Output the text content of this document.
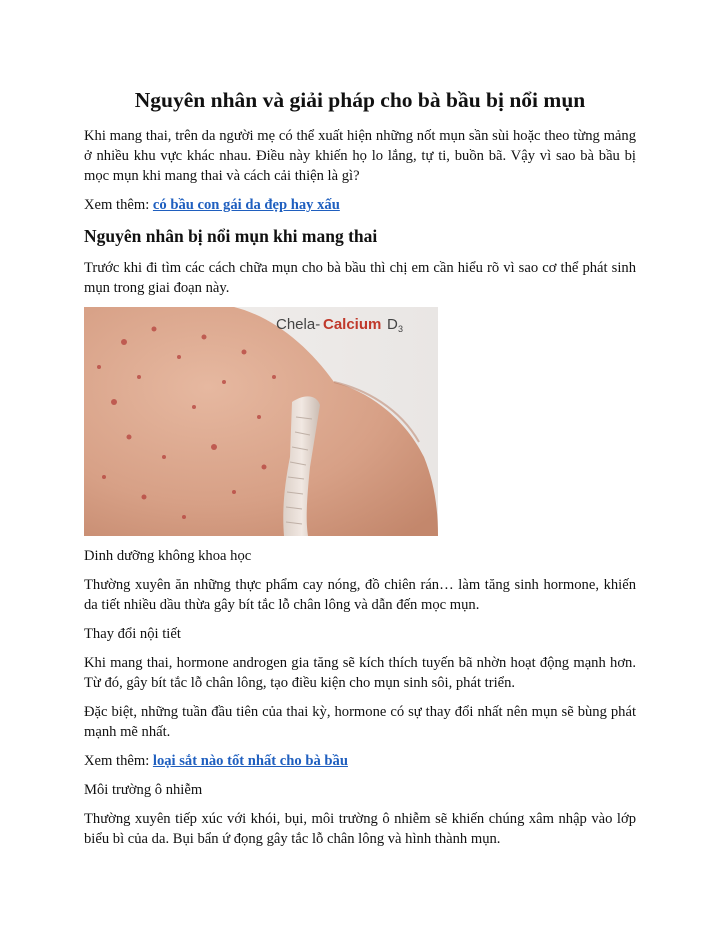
Nguyên nhân và giải pháp cho bà bầu bị nổi mụn

Khi mang thai, trên da người mẹ có thể xuất hiện những nốt mụn sần sùi hoặc theo từng mảng ở nhiều khu vực khác nhau. Điều này khiến họ lo lắng, tự ti, buồn bã. Vậy vì sao bà bầu bị mọc mụn khi mang thai và cách cải thiện là gì?

Xem thêm: có bầu con gái da đẹp hay xấu

Nguyên nhân bị nổi mụn khi mang thai

Trước khi đi tìm các cách chữa mụn cho bà bầu thì chị em cần hiểu rõ vì sao cơ thể phát sinh mụn trong giai đoạn này.

Chela- Calcium D 3

Dinh dưỡng không khoa học

Thường xuyên ăn những thực phẩm cay nóng, đồ chiên rán… làm tăng sinh hormone, khiến da tiết nhiều dầu thừa gây bít tắc lỗ chân lông và dẫn đến mọc mụn.

Thay đổi nội tiết

Khi mang thai, hormone androgen gia tăng sẽ kích thích tuyến bã nhờn hoạt động mạnh hơn. Từ đó, gây bít tắc lỗ chân lông, tạo điều kiện cho mụn sinh sôi, phát triển.

Đặc biệt, những tuần đầu tiên của thai kỳ, hormone có sự thay đổi nhất nên mụn sẽ bùng phát mạnh mẽ nhất.

Xem thêm: loại sắt nào tốt nhất cho bà bầu

Môi trường ô nhiễm

Thường xuyên tiếp xúc với khói, bụi, môi trường ô nhiễm sẽ khiến chúng xâm nhập vào lớp biểu bì của da. Bụi bẩn ứ đọng gây tắc lỗ chân lông và hình thành mụn.
